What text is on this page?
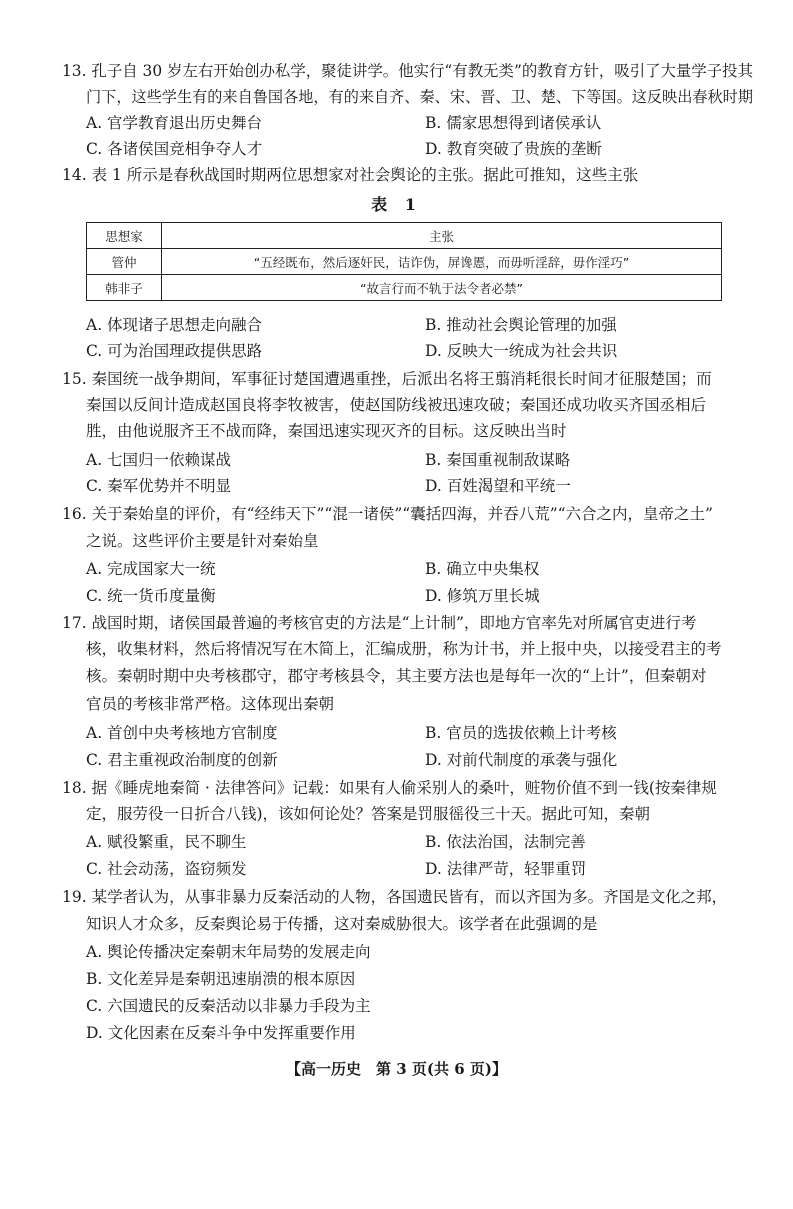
13. 孔子自 30 岁左右开始创办私学，聚徒讲学。他实行“有教无类”的教育方针，吸引了大量学子投其
门下，这些学生有的来自鲁国各地，有的来自齐、秦、宋、晋、卫、楚、下等国。这反映出春秋时期
A. 官学教育退出历史舞台	B. 儒家思想得到诸侯承认
C. 各诸侯国竞相争夺人才	D. 教育突破了贵族的垄断
14. 表 1 所示是春秋战国时期两位思想家对社会舆论的主张。据此可推知，这些主张
表 1
思想家	主张
管仲	“五经既布，然后逐奸民，诘诈伪，屏谗慝，而毋听淫辞，毋作淫巧”
韩非子	“故言行而不轨于法令者必禁”
A. 体现诸子思想走向融合	B. 推动社会舆论管理的加强
C. 可为治国理政提供思路	D. 反映大一统成为社会共识
15. 秦国统一战争期间，军事征讨楚国遭遇重挫，后派出名将王翦消耗很长时间才征服楚国；而
秦国以反间计造成赵国良将李牧被害，使赵国防线被迅速攻破；秦国还成功收买齐国丞相后
胜，由他说服齐王不战而降，秦国迅速实现灭齐的目标。这反映出当时
A. 七国归一依赖谋战	B. 秦国重视制敌谋略
C. 秦军优势并不明显	D. 百姓渴望和平统一
16. 关于秦始皇的评价，有“经纬天下”“混一诸侯”“囊括四海，并吞八荒”“六合之内，皇帝之土”
之说。这些评价主要是针对秦始皇
A. 完成国家大一统	B. 确立中央集权
C. 统一货币度量衡	D. 修筑万里长城
17. 战国时期，诸侯国最普遍的考核官吏的方法是“上计制”，即地方官率先对所属官吏进行考
核，收集材料，然后将情况写在木简上，汇编成册，称为计书，并上报中央，以接受君主的考
核。秦朝时期中央考核郡守，郡守考核县令，其主要方法也是每年一次的“上计”，但秦朝对
官员的考核非常严格。这体现出秦朝
A. 首创中央考核地方官制度	B. 官员的选拔依赖上计考核
C. 君主重视政治制度的创新	D. 对前代制度的承袭与强化
18. 据《睡虎地秦简 · 法律答问》记载：如果有人偷采别人的桑叶，赃物价值不到一钱(按秦律规
定，服劳役一日折合八钱)，该如何论处？答案是罚服徭役三十天。据此可知，秦朝
A. 赋役繁重，民不聊生	B. 依法治国，法制完善
C. 社会动荡，盗窃频发	D. 法律严苛，轻罪重罚
19. 某学者认为，从事非暴力反秦活动的人物，各国遗民皆有，而以齐国为多。齐国是文化之邦，
知识人才众多，反秦舆论易于传播，这对秦威胁很大。该学者在此强调的是
A. 舆论传播决定秦朝末年局势的发展走向
B. 文化差异是秦朝迅速崩溃的根本原因
C. 六国遗民的反秦活动以非暴力手段为主
D. 文化因素在反秦斗争中发挥重要作用
【高一历史　第 3 页(共 6 页)】
